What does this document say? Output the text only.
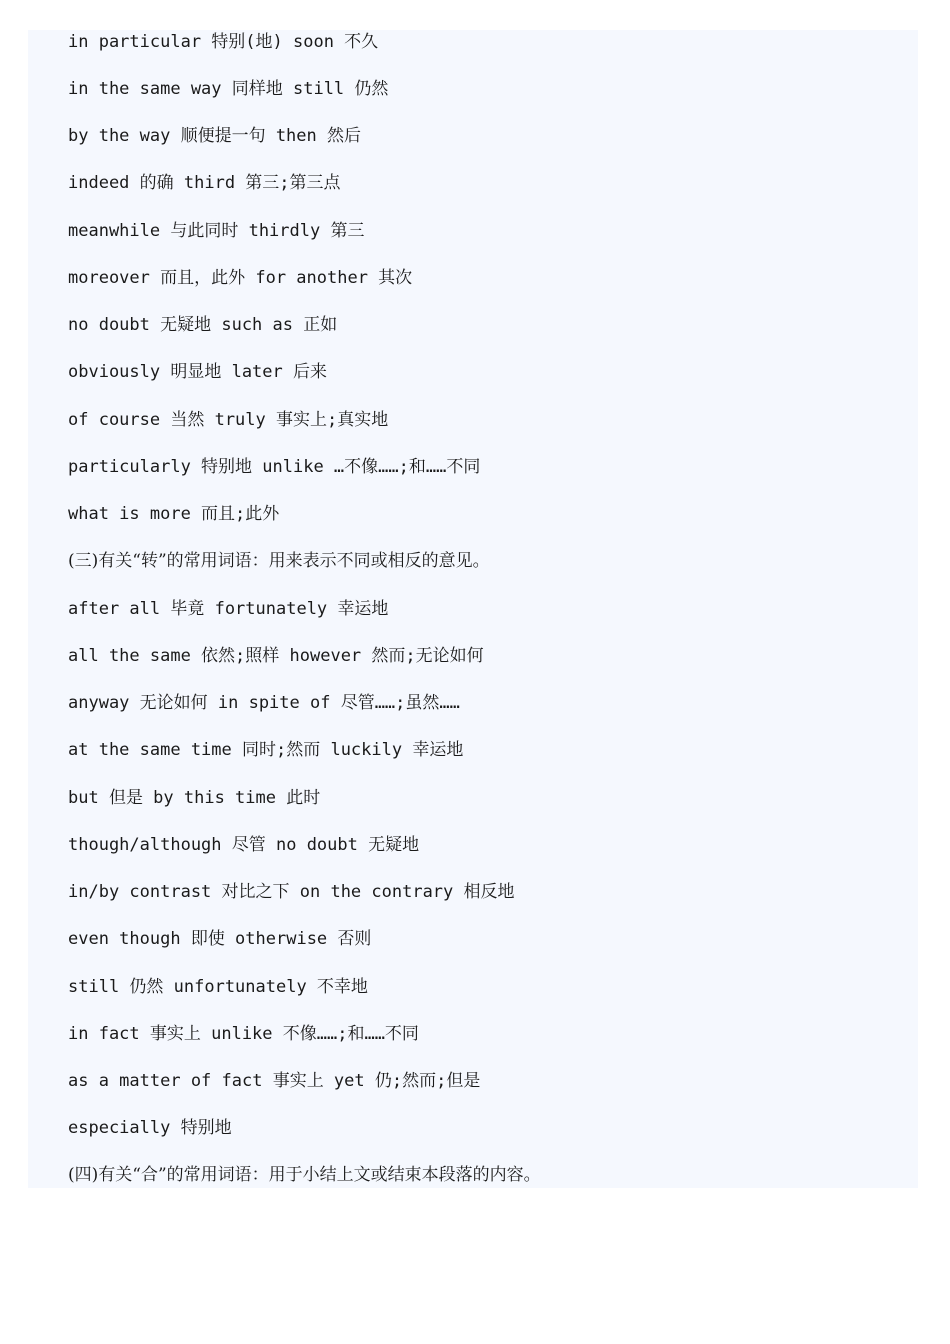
in particular 特别(地) soon 不久
in the same way 同样地 still 仍然
by the way 顺便提一句 then 然后
indeed 的确 third 第三;第三点
meanwhile 与此同时 thirdly 第三
moreover 而且，此外 for another 其次
no doubt 无疑地 such as 正如
obviously 明显地 later 后来
of course 当然 truly 事实上;真实地
particularly 特别地 unlike …不像……;和……不同
what is more 而且;此外
(三)有关“转”的常用词语：用来表示不同或相反的意见。
after all 毕竟 fortunately 幸运地
all the same 依然;照样 however 然而;无论如何
anyway 无论如何 in spite of 尽管……;虽然……
at the same time 同时;然而 luckily 幸运地
but 但是 by this time 此时
though/although 尽管 no doubt 无疑地
in/by contrast 对比之下 on the contrary 相反地
even though 即使 otherwise 否则
still 仍然 unfortunately 不幸地
in fact 事实上 unlike 不像……;和……不同
as a matter of fact 事实上 yet 仍;然而;但是
especially 特别地
(四)有关“合”的常用词语：用于小结上文或结束本段落的内容。
